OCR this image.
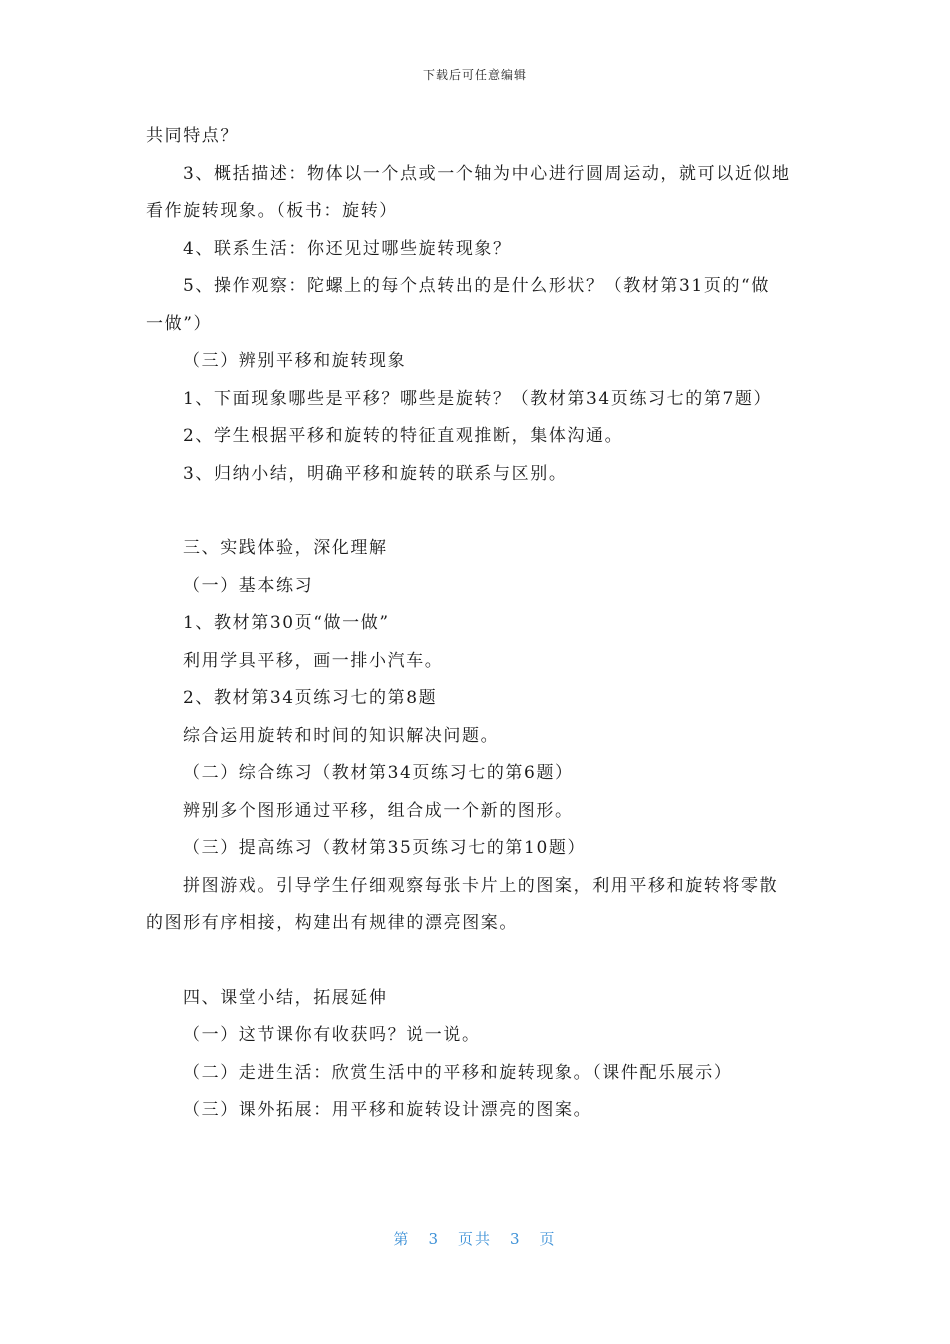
下载后可任意编辑
共同特点？
3、概括描述：物体以一个点或一个轴为中心进行圆周运动，就可以近似地
看作旋转现象。（板书：旋转）
4、联系生活：你还见过哪些旋转现象？
5、操作观察：陀螺上的每个点转出的是什么形状？（教材第31页的“做
一做”）
（三）辨别平移和旋转现象
1、下面现象哪些是平移？哪些是旋转？（教材第34页练习七的第7题）
2、学生根据平移和旋转的特征直观推断，集体沟通。
3、归纳小结，明确平移和旋转的联系与区别。
三、实践体验，深化理解
（一）基本练习
1、教材第30页“做一做”
利用学具平移，画一排小汽车。
2、教材第34页练习七的第8题
综合运用旋转和时间的知识解决问题。
（二）综合练习（教材第34页练习七的第6题）
辨别多个图形通过平移，组合成一个新的图形。
（三）提高练习（教材第35页练习七的第10题）
拼图游戏。引导学生仔细观察每张卡片上的图案，利用平移和旋转将零散
的图形有序相接，构建出有规律的漂亮图案。
四、课堂小结，拓展延伸
（一）这节课你有收获吗？说一说。
（二）走进生活：欣赏生活中的平移和旋转现象。（课件配乐展示）
（三）课外拓展：用平移和旋转设计漂亮的图案。
第 3 页共 3 页
